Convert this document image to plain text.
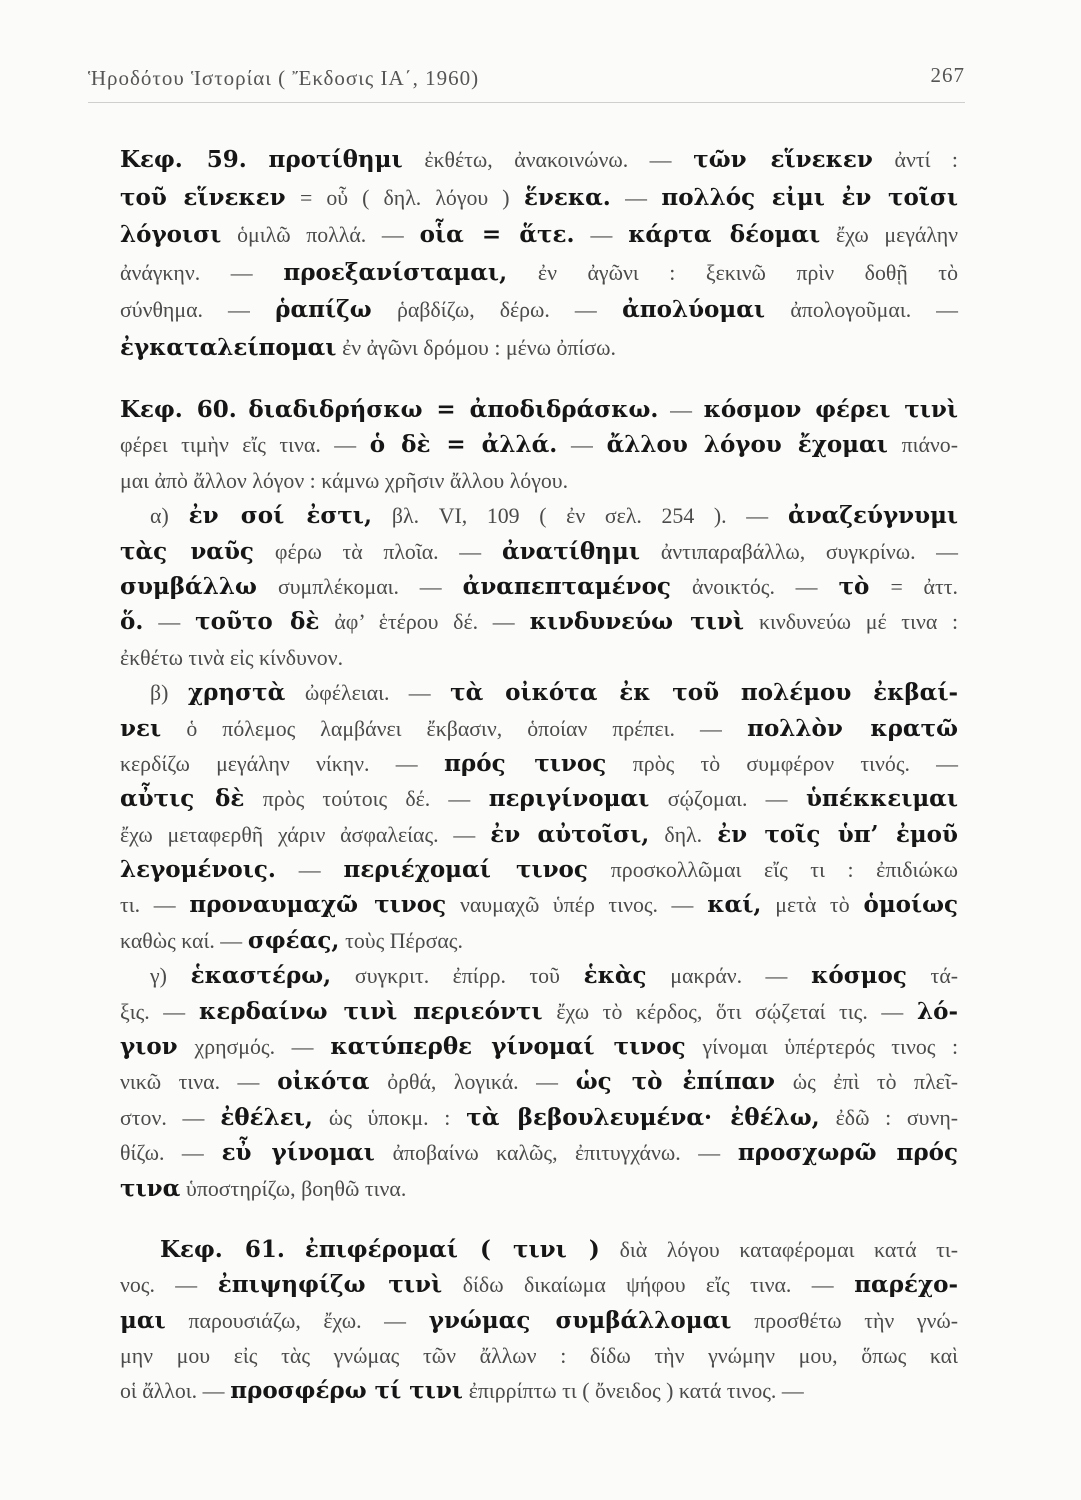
Ἡροδότου Ἱστορίαι ( Ἔκδοσις ΙΑ΄, 1960)	267
Κεφ. 59. προτίθημι ἐκθέτω, ἀνακοινώνω. — τῶν εἵνεκεν ἀντί :
τοῦ εἵνεκεν = οὗ ( δηλ. λόγου ) ἕνεκα. — πολλός εἰμι ἐν τοῖσι
λόγοισι ὁμιλῶ πολλά. — οἷα = ἅτε. — κάρτα δέομαι ἔχω μεγάλην
ἀνάγκην. — προεξανίσταμαι, ἐν ἀγῶνι : ξεκινῶ πρὶν δοθῇ τὸ
σύνθημα. — ῥαπίζω ῥαβδίζω, δέρω. — ἀπολύομαι ἀπολογοῦμαι. —
ἐγκαταλείπομαι ἐν ἀγῶνι δρόμου : μένω ὀπίσω.
Κεφ. 60. διαδιδρήσκω = ἀποδιδράσκω. — κόσμον φέρει τινὶ
φέρει τιμὴν εἴς τινα. — ὁ δὲ = ἀλλά. — ἄλλου λόγου ἔχομαι πιάνο-
μαι ἀπὸ ἄλλον λόγον : κάμνω χρῆσιν ἄλλου λόγου.
α) ἐν σοί ἐστι, βλ. VI, 109 ( ἐν σελ. 254 ). — ἀναζεύγνυμι
τὰς ναῦς φέρω τὰ πλοῖα. — ἀνατίθημι ἀντιπαραβάλλω, συγκρίνω. —
συμβάλλω συμπλέκομαι. — ἀναπεπταμένος ἀνοικτός. — τὸ = ἀττ.
ὅ. — τοῦτο δὲ ἀφ’ ἑτέρου δέ. — κινδυνεύω τινὶ κινδυνεύω μέ τινα :
ἐκθέτω τινὰ εἰς κίνδυνον.
β) χρηστὰ ὠφέλειαι. — τὰ οἰκότα ἐκ τοῦ πολέμου ἐκβαί-
νει ὁ πόλεμος λαμβάνει ἔκβασιν, ὁποίαν πρέπει. — πολλὸν κρατῶ
κερδίζω μεγάλην νίκην. — πρός τινος πρὸς τὸ συμφέρον τινός. —
αὖτις δὲ πρὸς τούτοις δέ. — περιγίνομαι σῴζομαι. — ὑπέκκειμαι
ἔχω μεταφερθῆ χάριν ἀσφαλείας. — ἐν αὐτοῖσι, δηλ. ἐν τοῖς ὑπ’ ἐμοῦ
λεγομένοις. — περιέχομαί τινος προσκολλῶμαι εἴς τι : ἐπιδιώκω
τι. — προναυμαχῶ τινος ναυμαχῶ ὑπέρ τινος. — καί, μετὰ τὸ ὁμοίως
καθὼς καί. — σφέας, τοὺς Πέρσας.
γ) ἑκαστέρω, συγκριτ. ἐπίρρ. τοῦ ἑκὰς μακράν. — κόσμος τά-
ξις. — κερδαίνω τινὶ περιεόντι ἔχω τὸ κέρδος, ὅτι σῴζεταί τις. — λό-
γιον χρησμός. — κατύπερθε γίνομαί τινος γίνομαι ὑπέρτερός τινος :
νικῶ τινα. — οἰκότα ὀρθά, λογικά. — ὡς τὸ ἐπίπαν ὡς ἐπὶ τὸ πλεῖ-
στον. — ἐθέλει, ὡς ὑποκμ. : τὰ βεβουλευμένα· ἐθέλω, ἐδῶ : συνη-
θίζω. — εὖ γίνομαι ἀποβαίνω καλῶς, ἐπιτυγχάνω. — προσχωρῶ πρός
τινα ὑποστηρίζω, βοηθῶ τινα.
Κεφ. 61. ἐπιφέρομαί ( τινι ) διὰ λόγου καταφέρομαι κατά τι-
νος. — ἐπιψηφίζω τινὶ δίδω δικαίωμα ψήφου εἴς τινα. — παρέχο-
μαι παρουσιάζω, ἔχω. — γνώμας συμβάλλομαι προσθέτω τὴν γνώ-
μην μου εἰς τὰς γνώμας τῶν ἄλλων : δίδω τὴν γνώμην μου, ὅπως καὶ
οἱ ἄλλοι. — προσφέρω τί τινι ἐπιρρίπτω τι ( ὄνειδος ) κατά τινος. —
